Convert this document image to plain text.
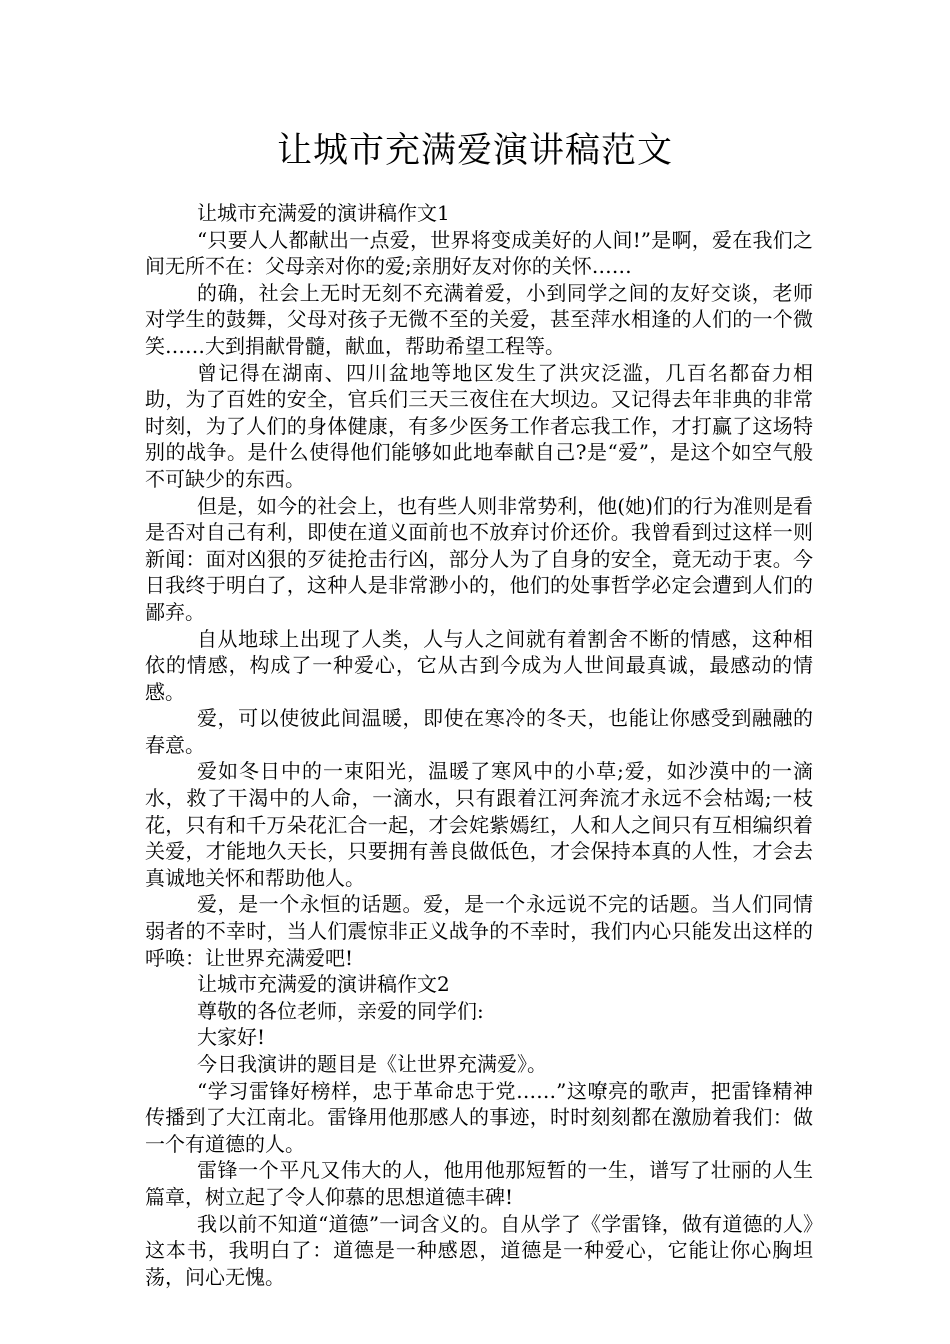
让城市充满爱演讲稿范文

让城市充满爱的演讲稿作文1

“只要人人都献出一点爱，世界将变成美好的人间!”是啊，爱在我们之间无所不在：父母亲对你的爱;亲朋好友对你的关怀……

的确，社会上无时无刻不充满着爱，小到同学之间的友好交谈，老师对学生的鼓舞，父母对孩子无微不至的关爱，甚至萍水相逢的人们的一个微笑……大到捐献骨髓，献血，帮助希望工程等。

曾记得在湖南、四川盆地等地区发生了洪灾泛滥，几百名都奋力相助，为了百姓的安全，官兵们三天三夜住在大坝边。又记得去年非典的非常时刻，为了人们的身体健康，有多少医务工作者忘我工作，才打赢了这场特别的战争。是什么使得他们能够如此地奉献自己?是“爱”，是这个如空气般不可缺少的东西。

但是，如今的社会上，也有些人则非常势利，他(她)们的行为准则是看是否对自己有利，即使在道义面前也不放弃讨价还价。我曾看到过这样一则新闻：面对凶狠的歹徒抢击行凶，部分人为了自身的安全，竟无动于衷。今日我终于明白了，这种人是非常渺小的，他们的处事哲学必定会遭到人们的鄙弃。

自从地球上出现了人类，人与人之间就有着割舍不断的情感，这种相依的情感，构成了一种爱心，它从古到今成为人世间最真诚，最感动的情感。

爱，可以使彼此间温暖，即使在寒冷的冬天，也能让你感受到融融的春意。

爱如冬日中的一束阳光，温暖了寒风中的小草;爱，如沙漠中的一滴水，救了干渴中的人命，一滴水，只有跟着江河奔流才永远不会枯竭;一枝花，只有和千万朵花汇合一起，才会姹紫嫣红，人和人之间只有互相编织着关爱，才能地久天长，只要拥有善良做低色，才会保持本真的人性，才会去真诚地关怀和帮助他人。

爱，是一个永恒的话题。爱，是一个永远说不完的话题。当人们同情弱者的不幸时，当人们震惊非正义战争的不幸时，我们内心只能发出这样的呼唤：让世界充满爱吧!

让城市充满爱的演讲稿作文2

尊敬的各位老师，亲爱的同学们:

大家好!

今日我演讲的题目是《让世界充满爱》。

“学习雷锋好榜样，忠于革命忠于党……”这嘹亮的歌声，把雷锋精神传播到了大江南北。雷锋用他那感人的事迹，时时刻刻都在激励着我们：做一个有道德的人。

雷锋一个平凡又伟大的人，他用他那短暂的一生，谱写了壮丽的人生篇章，树立起了令人仰慕的思想道德丰碑!

我以前不知道“道德”一词含义的。自从学了《学雷锋，做有道德的人》这本书，我明白了：道德是一种感恩，道德是一种爱心，它能让你心胸坦荡，问心无愧。
